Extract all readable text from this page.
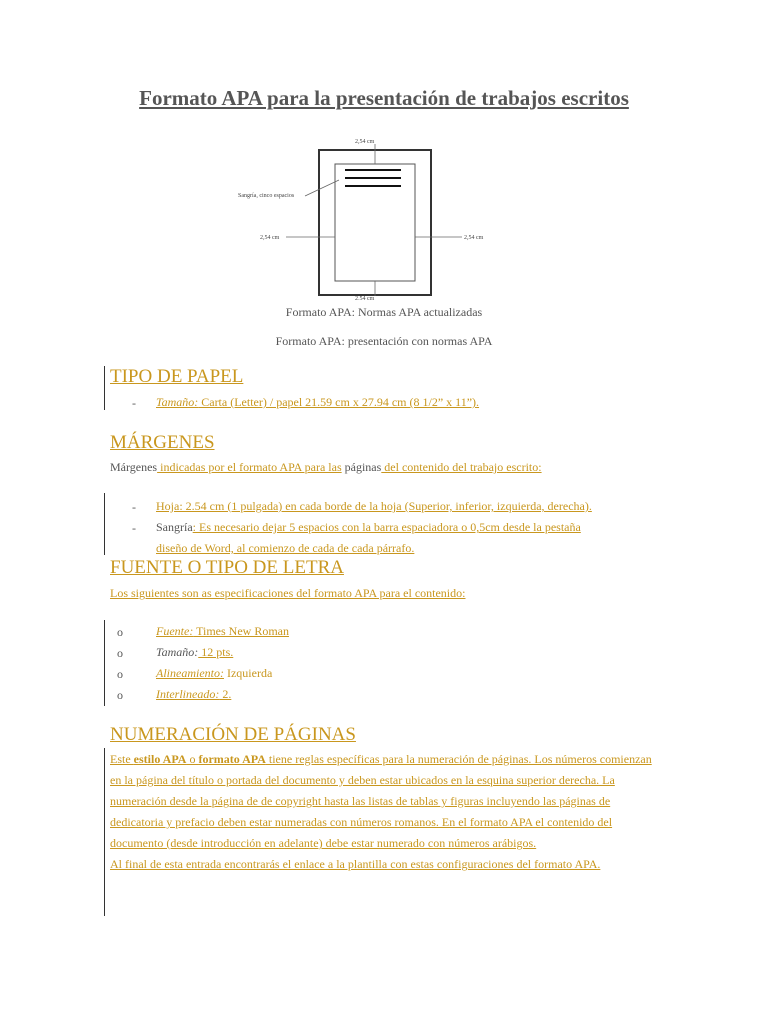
Formato APA para la presentación de trabajos escritos
2,54 cm
Sangría, cinco espacios
2,54 cm	2,54 cm
2,54 cm
Formato APA: Normas APA actualizadas
Formato APA: presentación con normas APA
TIPO DE PAPEL
- Tamaño: Carta (Letter) / papel 21.59 cm x 27.94 cm (8 1/2” x 11”).
MÁRGENES
Márgenes indicadas por el formato APA para las páginas del contenido del trabajo escrito:
- Hoja: 2.54 cm (1 pulgada) en cada borde de la hoja (Superior, inferior, izquierda, derecha).
- Sangría: Es necesario dejar 5 espacios con la barra espaciadora o 0,5cm desde la pestaña
diseño de Word, al comienzo de cada de cada párrafo.
FUENTE O TIPO DE LETRA
Los siguientes son as especificaciones del formato APA para el contenido:
o	Fuente: Times New Roman
o	Tamaño: 12 pts.
o	Alineamiento: Izquierda
o	Interlineado: 2.
NUMERACIÓN DE PÁGINAS
Este estilo APA o formato APA tiene reglas específicas para la numeración de páginas. Los números comienzan en la página del título o portada del documento y deben estar ubicados en la esquina superior derecha. La numeración desde la página de de copyright hasta las listas de tablas y figuras incluyendo las páginas de dedicatoria y prefacio deben estar numeradas con números romanos. En el formato APA el contenido del documento (desde introducción en adelante) debe estar numerado con números arábigos.
Al final de esta entrada encontrarás el enlace a la plantilla con estas configuraciones del formato APA.
